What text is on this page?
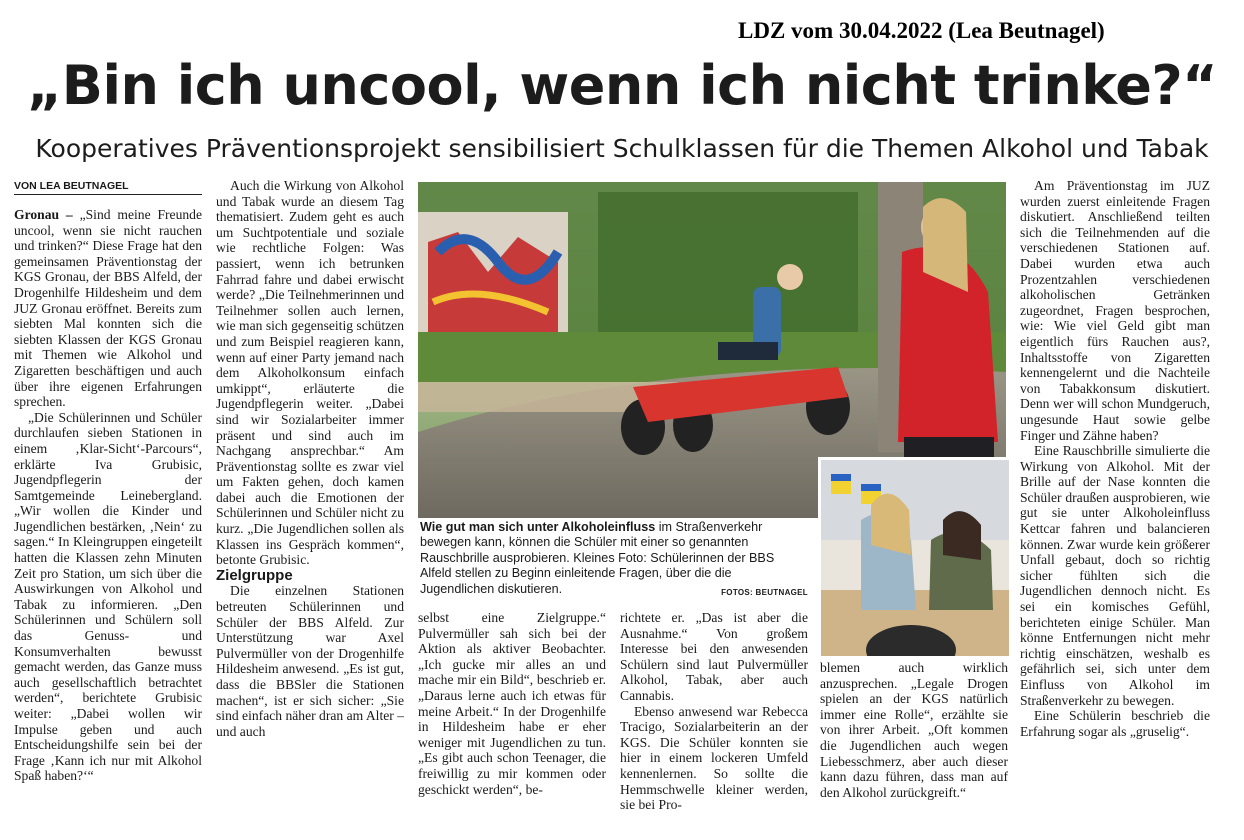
LDZ vom 30.04.2022 (Lea Beutnagel)
„Bin ich uncool, wenn ich nicht trinke?“
Kooperatives Präventionsprojekt sensibilisiert Schulklassen für die Themen Alkohol und Tabak
VON LEA BEUTNAGEL

Gronau – „Sind meine Freunde uncool, wenn sie nicht rauchen und trinken?“ Diese Frage hat den gemeinsamen Präventionstag der KGS Gronau, der BBS Alfeld, der Drogenhilfe Hildesheim und dem JUZ Gronau eröffnet. Bereits zum siebten Mal konnten sich die siebten Klassen der KGS Gronau mit Themen wie Alkohol und Zigaretten beschäftigen und auch über ihre eigenen Erfahrungen sprechen.

„Die Schülerinnen und Schüler durchlaufen sieben Stationen in einem ‚Klar-Sicht‘-Parcours“, erklärte Iva Grubisic, Jugendpflegerin der Samtgemeinde Leinebergland. „Wir wollen die Kinder und Jugendlichen bestärken, ‚Nein‘ zu sagen.“ In Kleingruppen eingeteilt hatten die Klassen zehn Minuten Zeit pro Station, um sich über die Auswirkungen von Alkohol und Tabak zu informieren. „Den Schülerinnen und Schülern soll das Genuss- und Konsumverhalten bewusst gemacht werden, das Ganze muss auch gesellschaftlich betrachtet werden“, berichtete Grubisic weiter: „Dabei wollen wir Impulse geben und auch Entscheidungshilfe sein bei der Frage ‚Kann ich nur mit Alkohol Spaß haben?‘“

Auch die Wirkung von Alkohol und Tabak wurde an diesem Tag thematisiert. Zudem geht es auch um Suchtpotentiale und soziale wie rechtliche Folgen: Was passiert, wenn ich betrunken Fahrrad fahre und dabei erwischt werde? „Die Teilnehmerinnen und Teilnehmer sollen auch lernen, wie man sich gegenseitig schützen und zum Beispiel reagieren kann, wenn auf einer Party jemand nach dem Alkoholkonsum einfach umkippt“, erläuterte die Jugendpflegerin weiter. „Dabei sind wir Sozialarbeiter immer präsent und sind auch im Nachgang ansprechbar.“ Am Präventionstag sollte es zwar viel um Fakten gehen, doch kamen dabei auch die Emotionen der Schülerinnen und Schüler nicht zu kurz. „Die Jugendlichen sollen als Klassen ins Gespräch kommen“, betonte Grubisic.

Zielgruppe

Die einzelnen Stationen betreuten Schülerinnen und Schüler der BBS Alfeld. Zur Unterstützung war Axel Pulvermüller von der Drogenhilfe Hildesheim anwesend. „Es ist gut, dass die BBSler die Stationen machen“, ist er sich sicher: „Sie sind einfach näher dran am Alter – und auch

Wie gut man sich unter Alkoholeinfluss im Straßenverkehr bewegen kann, können die Schüler mit einer so genannten Rauschbrille ausprobieren. Kleines Foto: Schülerinnen der BBS Alfeld stellen zu Beginn einleitende Fragen, über die die Jugendlichen diskutieren.	FOTOS: BEUTNAGEL

selbst eine Zielgruppe.“ Pulvermüller sah sich bei der Aktion als aktiver Beobachter. „Ich gucke mir alles an und mache mir ein Bild“, beschrieb er. „Daraus lerne auch ich etwas für meine Arbeit.“ In der Drogenhilfe in Hildesheim habe er eher weniger mit Jugendlichen zu tun. „Es gibt auch schon Teenager, die freiwillig zu mir kommen oder geschickt werden“, be-

richtete er. „Das ist aber die Ausnahme.“ Von großem Interesse bei den anwesenden Schülern sind laut Pulvermüller Alkohol, Tabak, aber auch Cannabis.

Ebenso anwesend war Rebecca Tracigo, Sozialarbeiterin an der KGS. Die Schüler konnten sie hier in einem lockeren Umfeld kennenlernen. So sollte die Hemmschwelle kleiner werden, sie bei Pro-

blemen auch wirklich anzusprechen. „Legale Drogen spielen an der KGS natürlich immer eine Rolle“, erzählte sie von ihrer Arbeit. „Oft kommen die Jugendlichen auch wegen Liebesschmerz, aber auch dieser kann dazu führen, dass man auf den Alkohol zurückgreift.“

Am Präventionstag im JUZ wurden zuerst einleitende Fragen diskutiert. Anschließend teilten sich die Teilnehmenden auf die verschiedenen Stationen auf. Dabei wurden etwa auch Prozentzahlen verschiedenen alkoholischen Getränken zugeordnet, Fragen besprochen, wie: Wie viel Geld gibt man eigentlich fürs Rauchen aus?, Inhaltsstoffe von Zigaretten kennengelernt und die Nachteile von Tabakkonsum diskutiert. Denn wer will schon Mundgeruch, ungesunde Haut sowie gelbe Finger und Zähne haben?

Eine Rauschbrille simulierte die Wirkung von Alkohol. Mit der Brille auf der Nase konnten die Schüler draußen ausprobieren, wie gut sie unter Alkoholeinfluss Kettcar fahren und balancieren können. Zwar wurde kein größerer Unfall gebaut, doch so richtig sicher fühlten sich die Jugendlichen dennoch nicht. Es sei ein komisches Gefühl, berichteten einige Schüler. Man könne Entfernungen nicht mehr richtig einschätzen, weshalb es gefährlich sei, sich unter dem Einfluss von Alkohol im Straßenverkehr zu bewegen.

Eine Schülerin beschrieb die Erfahrung sogar als „gruselig“.
